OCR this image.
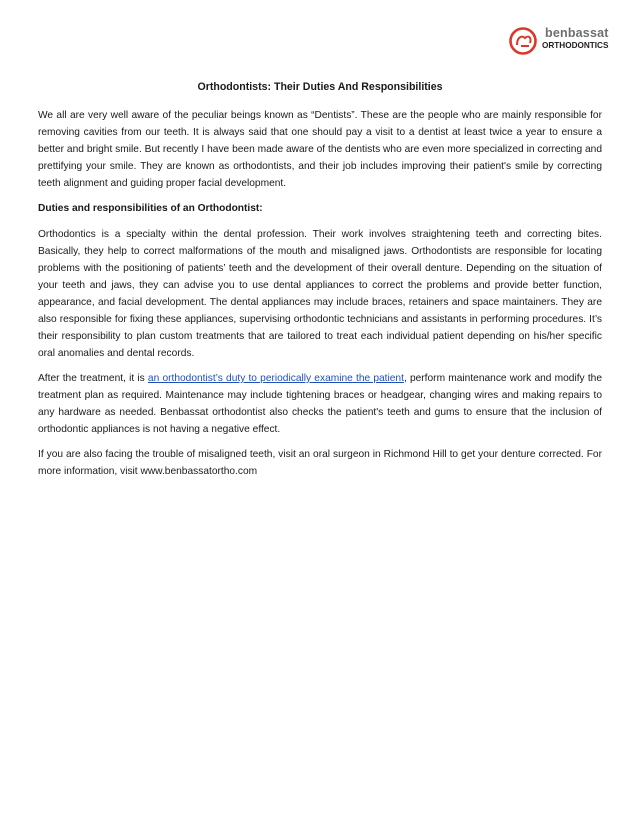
benbassat
ORTHODONTICS
Orthodontists: Their Duties And Responsibilities

We all are very well aware of the peculiar beings known as “Dentists”. These are the people who are mainly responsible for removing cavities from our teeth. It is always said that one should pay a visit to a dentist at least twice a year to ensure a better and bright smile. But recently I have been made aware of the dentists who are even more specialized in correcting and prettifying your smile. They are known as orthodontists, and their job includes improving their patient's smile by correcting teeth alignment and guiding proper facial development.

Duties and responsibilities of an Orthodontist:

Orthodontics is a specialty within the dental profession. Their work involves straightening teeth and correcting bites. Basically, they help to correct malformations of the mouth and misaligned jaws. Orthodontists are responsible for locating problems with the positioning of patients’ teeth and the development of their overall denture. Depending on the situation of your teeth and jaws, they can advise you to use dental appliances to correct the problems and provide better function, appearance, and facial development. The dental appliances may include braces, retainers and space maintainers. They are also responsible for fixing these appliances, supervising orthodontic technicians and assistants in performing procedures. It’s their responsibility to plan custom treatments that are tailored to treat each individual patient depending on his/her specific oral anomalies and dental records.

After the treatment, it is an orthodontist’s duty to periodically examine the patient, perform maintenance work and modify the treatment plan as required. Maintenance may include tightening braces or headgear, changing wires and making repairs to any hardware as needed. Benbassat orthodontist also checks the patient's teeth and gums to ensure that the inclusion of orthodontic appliances is not having a negative effect.

If you are also facing the trouble of misaligned teeth, visit an oral surgeon in Richmond Hill to get your denture corrected. For more information, visit www.benbassatortho.com
